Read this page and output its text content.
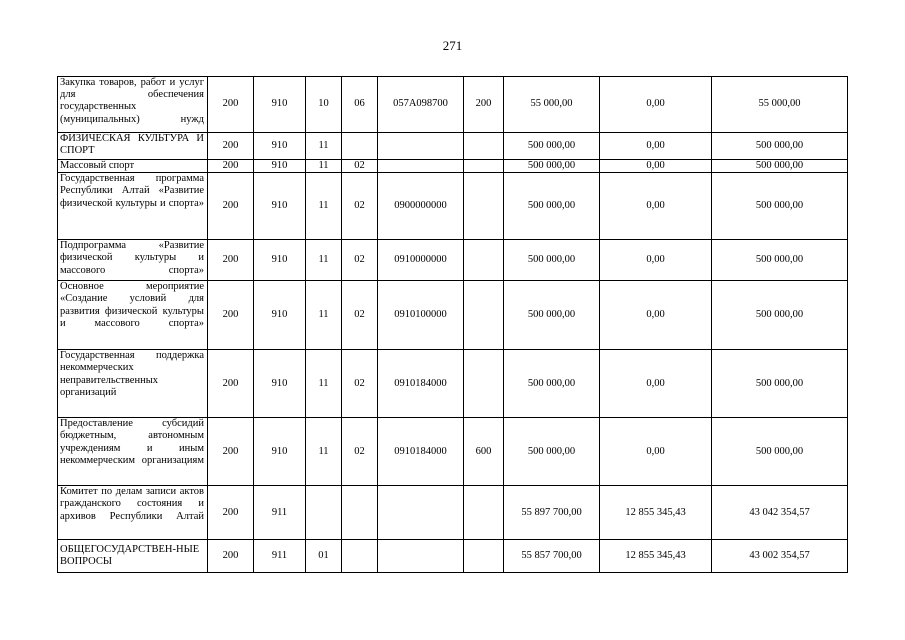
271
Закупка товаров, работ и услуг для обеспечения государственных (муниципальных) нужд	200	910	10	06	057A098700	200	55 000,00	0,00	55 000,00
ФИЗИЧЕСКАЯ КУЛЬТУРА И СПОРТ	200	910	11				500 000,00	0,00	500 000,00
Массовый спорт	200	910	11	02			500 000,00	0,00	500 000,00
Государственная программа Республики Алтай «Развитие физической культуры и спорта»	200	910	11	02	0900000000		500 000,00	0,00	500 000,00
Подпрограмма «Развитие физической культуры и массового спорта»	200	910	11	02	0910000000		500 000,00	0,00	500 000,00
Основное мероприятие «Создание условий для развития физической культуры и массового спорта»	200	910	11	02	0910100000		500 000,00	0,00	500 000,00
Государственная поддержка некоммерческих неправительственных организаций	200	910	11	02	0910184000		500 000,00	0,00	500 000,00
Предоставление субсидий бюджетным, автономным учреждениям и иным некоммерческим организациям	200	910	11	02	0910184000	600	500 000,00	0,00	500 000,00
Комитет по делам записи актов гражданского состояния и архивов Республики Алтай	200	911					55 897 700,00	12 855 345,43	43 042 354,57
ОБЩЕГОСУДАРСТВЕН-НЫЕ ВОПРОСЫ	200	911	01				55 857 700,00	12 855 345,43	43 002 354,57
